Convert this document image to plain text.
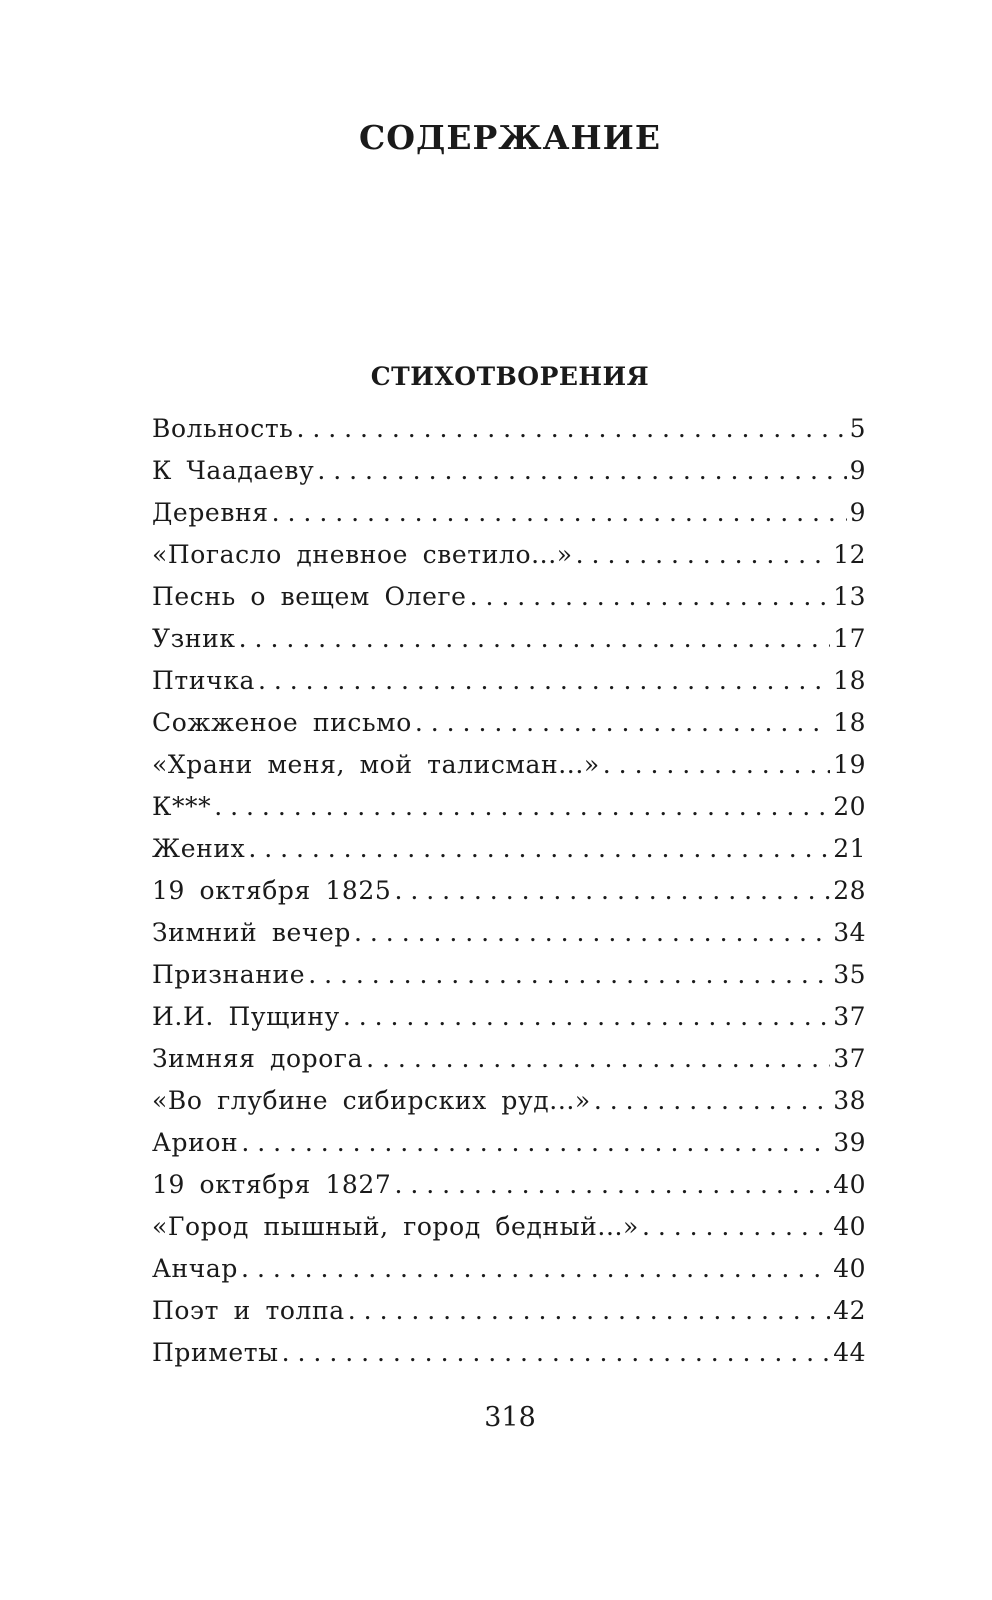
СОДЕРЖАНИЕ
СТИХОТВОРЕНИЯ
Вольность . . .	5
К Чаадаеву . . .	9
Деревня . . .	9
«Погасло дневное светило...» . . .	12
Песнь о вещем Олеге . . .	13
Узник . . .	17
Птичка . . .	18
Сожженое письмо . . .	18
«Храни меня, мой талисман...» . . .	19
К*** . . .	20
Жених . . .	21
19 октября 1825 . . .	28
Зимний вечер . . .	34
Признание . . .	35
И.И. Пущину . . .	37
Зимняя дорога . . .	37
«Во глубине сибирских руд...» . . .	38
Арион . . .	39
19 октября 1827 . . .	40
«Город пышный, город бедный...» . . .	40
Анчар . . .	40
Поэт и толпа . . .	42
Приметы . . .	44
318
